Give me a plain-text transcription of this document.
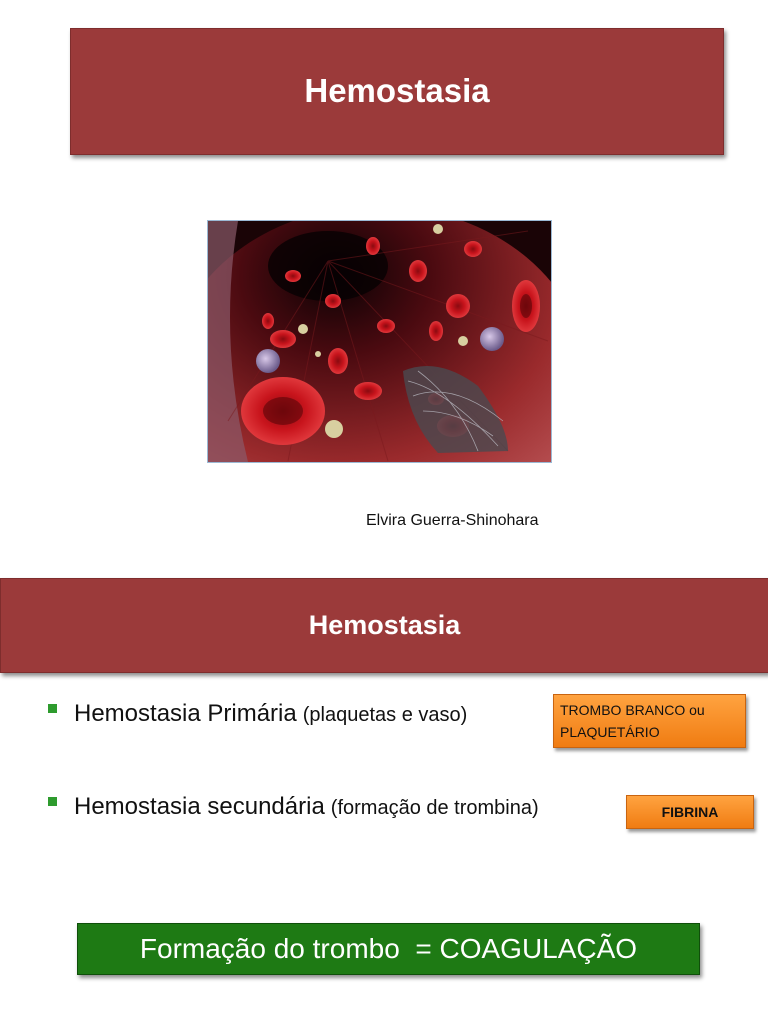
Hemostasia
Elvira Guerra-Shinohara
Hemostasia
Hemostasia Primária (plaquetas e vaso)	TROMBO BRANCO ou
PLAQUETÁRIO
Hemostasia secundária (formação de trombina)	FIBRINA
Formação do trombo  = COAGULAÇÃO
